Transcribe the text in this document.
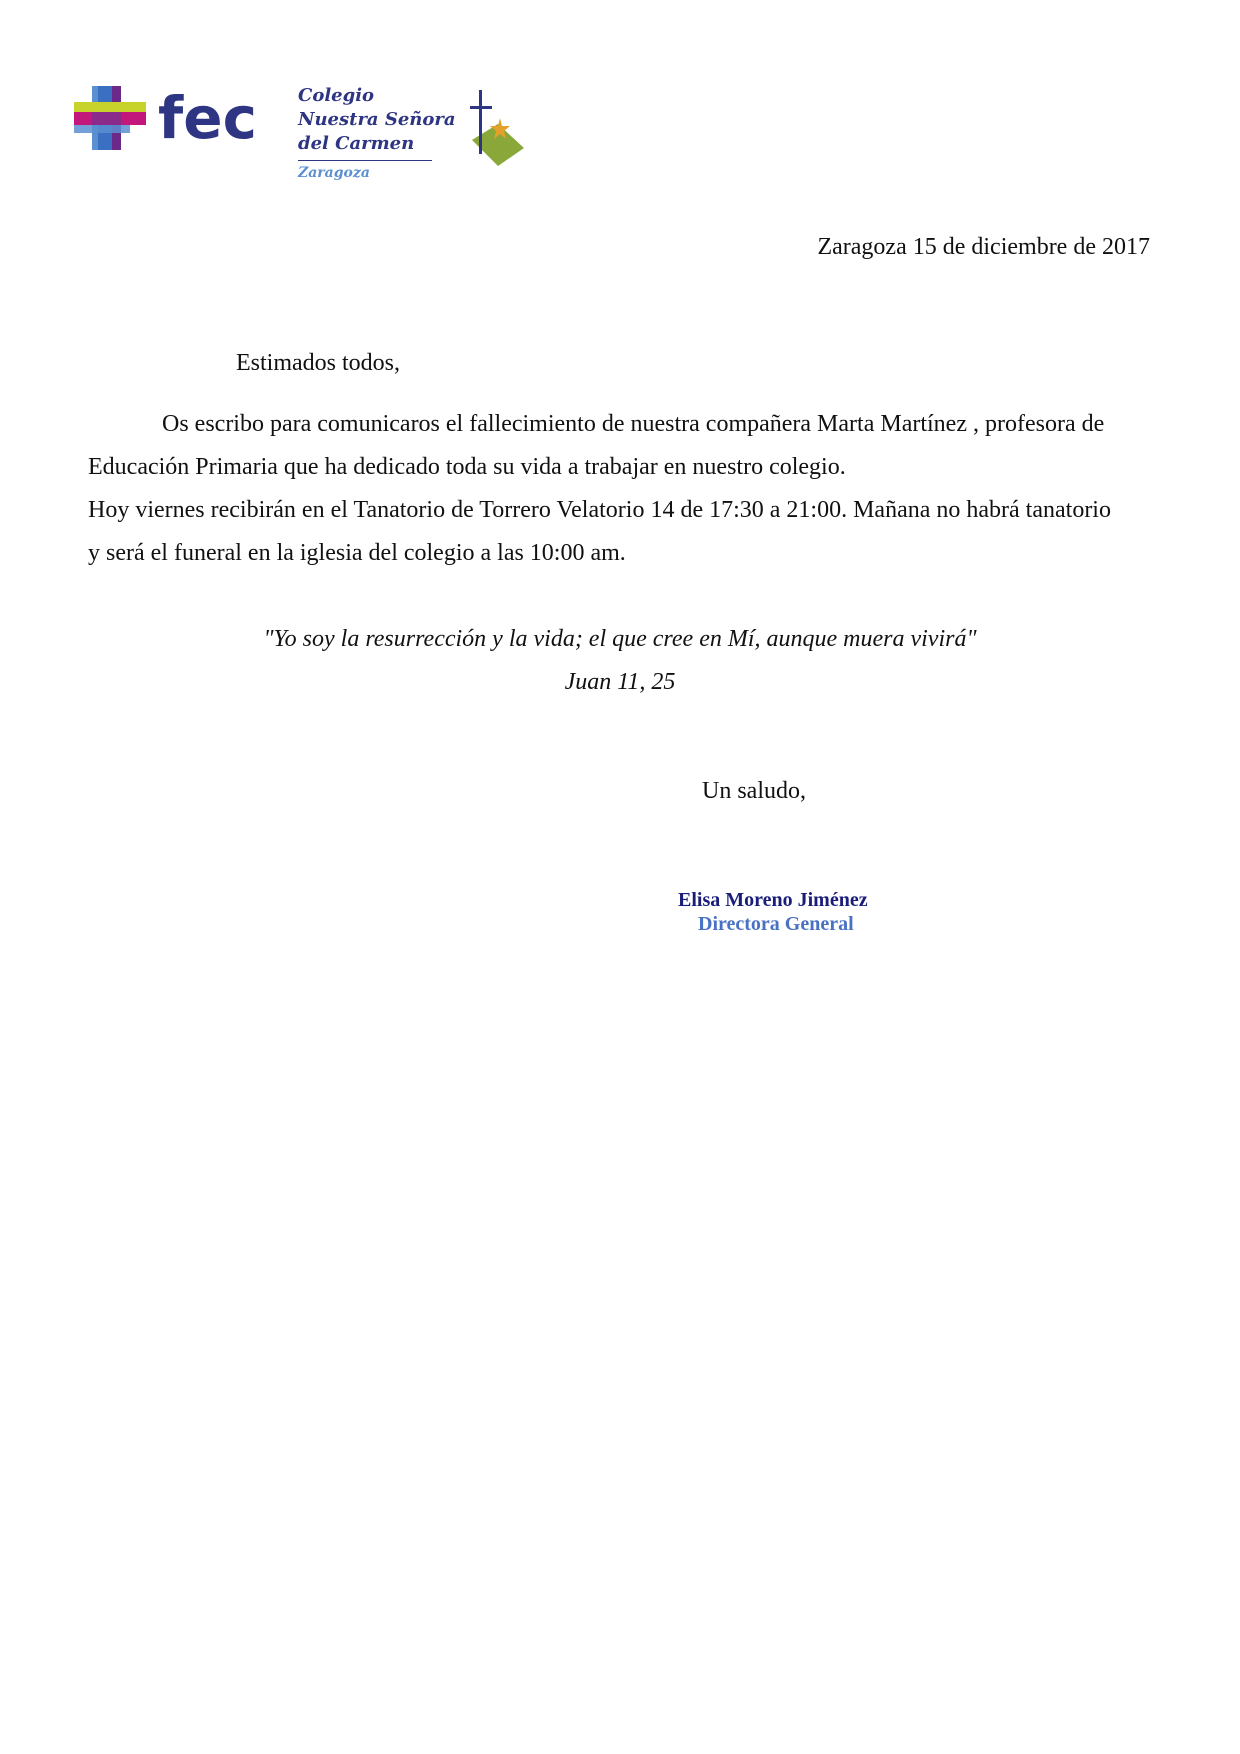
fec Colegio
Nuestra Señora
del Carmen
Zaragoza
Zaragoza 15 de diciembre de 2017
Estimados todos,
Os escribo para comunicaros el fallecimiento de nuestra compañera Marta Martínez , profesora de
Educación Primaria que ha dedicado toda su vida a trabajar en nuestro colegio.
Hoy viernes recibirán en el Tanatorio de Torrero Velatorio 14 de 17:30 a 21:00. Mañana no habrá tanatorio
y será el funeral en la iglesia del colegio a las 10:00 am.
"Yo soy la resurrección y la vida; el que cree en Mí, aunque muera vivirá"
Juan 11, 25
Un saludo,
Elisa Moreno Jiménez
Directora General
